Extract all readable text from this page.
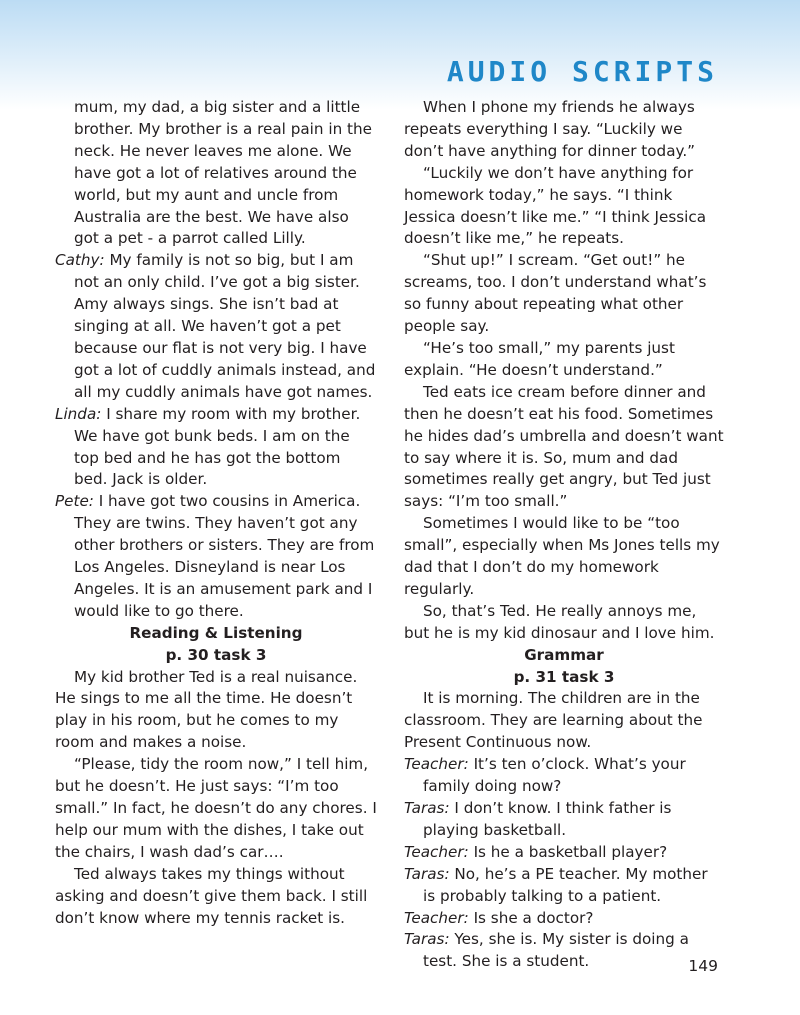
AUDIO SCRIPTS

mum, my dad, a big sister and a little brother. My brother is a real pain in the neck. He never leaves me alone. We have got a lot of relatives around the world, but my aunt and uncle from Australia are the best. We have also got a pet - a parrot called Lilly.

Cathy: My family is not so big, but I am not an only child. I’ve got a big sister. Amy always sings. She isn’t bad at singing at all. We haven’t got a pet because our flat is not very big. I have got a lot of cuddly animals instead, and all my cuddly animals have got names.

Linda: I share my room with my brother. We have got bunk beds. I am on the top bed and he has got the bottom bed. Jack is older.

Pete: I have got two cousins in America. They are twins. They haven’t got any other brothers or sisters. They are from Los Angeles. Disneyland is near Los Angeles. It is an amusement park and I would like to go there.

Reading & Listening

p. 30 task 3

My kid brother Ted is a real nuisance. He sings to me all the time. He doesn’t play in his room, but he comes to my room and makes a noise.

“Please, tidy the room now,” I tell him, but he doesn’t. He just says: “I’m too small.” In fact, he doesn’t do any chores. I help our mum with the dishes, I take out the chairs, I wash dad’s car….

Ted always takes my things without asking and doesn’t give them back. I still don’t know where my tennis racket is.

When I phone my friends he always repeats everything I say. “Luckily we don’t have anything for dinner today.”

“Luckily we don’t have anything for homework today,” he says. “I think Jessica doesn’t like me.” “I think Jessica doesn’t like me,” he repeats.

“Shut up!” I scream. “Get out!” he screams, too. I don’t understand what’s so funny about repeating what other people say.

“He’s too small,” my parents just explain. “He doesn’t understand.”

Ted eats ice cream before dinner and then he doesn’t eat his food. Sometimes he hides dad’s umbrella and doesn’t want to say where it is. So, mum and dad sometimes really get angry, but Ted just says: “I’m too small.”

Sometimes I would like to be “too small”, especially when Ms Jones tells my dad that I don’t do my homework regularly.

So, that’s Ted. He really annoys me, but he is my kid dinosaur and I love him.

Grammar

p. 31 task 3

It is morning. The children are in the classroom. They are learning about the Present Continuous now.

Teacher: It’s ten o’clock. What’s your family doing now?

Taras: I don’t know. I think father is playing basketball.

Teacher: Is he a basketball player?

Taras: No, he’s a PE teacher. My mother is probably talking to a patient.

Teacher: Is she a doctor?

Taras: Yes, she is. My sister is doing a test. She is a student.	149
